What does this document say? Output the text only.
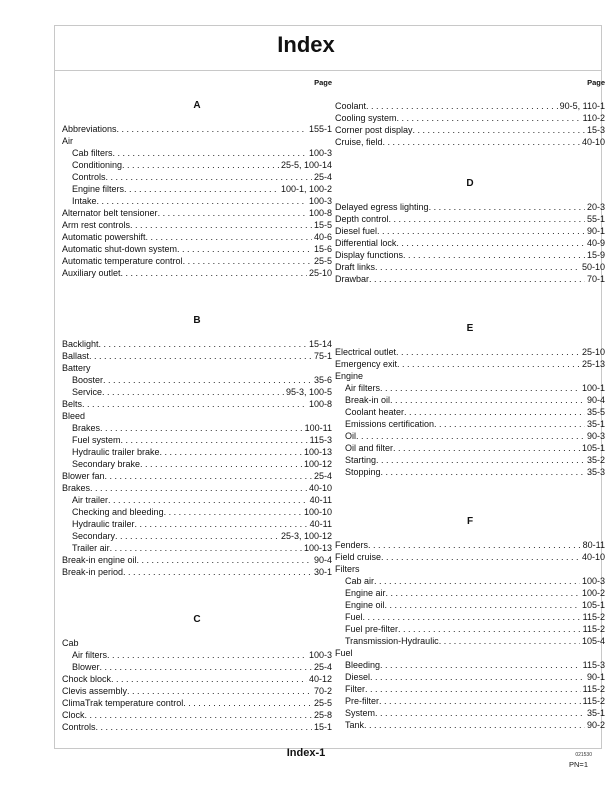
Index
Page
A
Abbreviations . . .	155-1
Air
Cab filters . . .	100-3
Conditioning . . .	25-5, 100-14
Controls . . .	25-4
Engine filters . . .	100-1, 100-2
Intake . . .	100-3
Alternator belt tensioner . . .	100-8
Arm rest controls . . .	15-5
Automatic powershift . . .	40-6
Automatic shut-down system . . .	15-6
Automatic temperature control . . .	25-5
Auxiliary outlet . . .	25-10
B
Backlight . . .	15-14
Ballast . . .	75-1
Battery
Booster . . .	35-6
Service . . .	95-3, 100-5
Belts . . .	100-8
Bleed
Brakes . . .	100-11
Fuel system . . .	115-3
Hydraulic trailer brake . . .	100-13
Secondary brake . . .	100-12
Blower fan . . .	25-4
Brakes . . .	40-10
Air trailer . . .	40-11
Checking and bleeding . . .	100-10
Hydraulic trailer . . .	40-11
Secondary . . .	25-3, 100-12
Trailer air . . .	100-13
Break-in engine oil . . .	90-4
Break-in period . . .	30-1
C
Cab
Air filters . . .	100-3
Blower . . .	25-4
Chock block . . .	40-12
Clevis assembly . . .	70-2
ClimaTrak temperature control . . .	25-5
Clock . . .	25-8
Controls . . .	15-1
Page
Coolant . . .	90-5, 110-1
Cooling system . . .	110-2
Corner post display . . .	15-3
Cruise, field . . .	40-10
D
Delayed egress lighting . . .	20-3
Depth control . . .	55-1
Diesel fuel . . .	90-1
Differential lock . . .	40-9
Display functions . . .	15-9
Draft links . . .	50-10
Drawbar . . .	70-1
E
Electrical outlet . . .	25-10
Emergency exit . . .	25-13
Engine
Air filters . . .	100-1
Break-in oil . . .	90-4
Coolant heater . . .	35-5
Emissions certification . . .	35-1
Oil . . .	90-3
Oil and filter . . .	105-1
Starting . . .	35-2
Stopping . . .	35-3
F
Fenders . . .	80-11
Field cruise . . .	40-10
Filters
Cab air . . .	100-3
Engine air . . .	100-2
Engine oil . . .	105-1
Fuel . . .	115-2
Fuel pre-filter . . .	115-2
Transmission-Hydraulic . . .	105-4
Fuel
Bleeding . . .	115-3
Diesel . . .	90-1
Filter . . .	115-2
Pre-filter . . .	115-2
System . . .	35-1
Tank . . .	90-2
Index-1	021530
PN=1
